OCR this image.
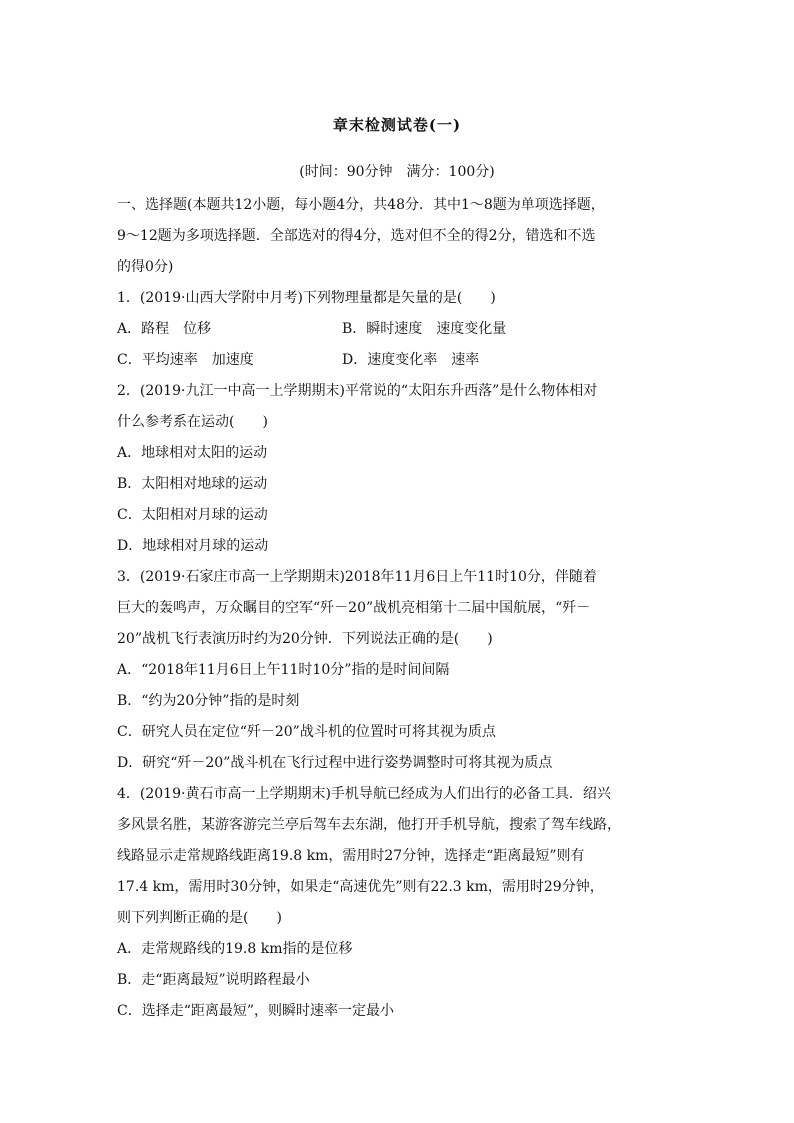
章末检测试卷(一)
(时间：90分钟　满分：100分)
一、选择题(本题共12小题，每小题4分，共48分．其中1～8题为单项选择题，
9～12题为多项选择题．全部选对的得4分，选对但不全的得2分，错选和不选
的得0分)
1．(2019·山西大学附中月考)下列物理量都是矢量的是(　　)
A．路程　位移	B．瞬时速度　速度变化量
C．平均速率　加速度	D．速度变化率　速率
2．(2019·九江一中高一上学期期末)平常说的“太阳东升西落”是什么物体相对
什么参考系在运动(　　)
A．地球相对太阳的运动
B．太阳相对地球的运动
C．太阳相对月球的运动
D．地球相对月球的运动
3．(2019·石家庄市高一上学期期末)2018年11月6日上午11时10分，伴随着
巨大的轰鸣声，万众瞩目的空军“歼－20”战机亮相第十二届中国航展，“歼－
20”战机飞行表演历时约为20分钟．下列说法正确的是(　　)
A．“2018年11月6日上午11时10分”指的是时间间隔
B．“约为20分钟”指的是时刻
C．研究人员在定位“歼－20”战斗机的位置时可将其视为质点
D．研究“歼－20”战斗机在飞行过程中进行姿势调整时可将其视为质点
4．(2019·黄石市高一上学期期末)手机导航已经成为人们出行的必备工具．绍兴
多风景名胜，某游客游完兰亭后驾车去东湖，他打开手机导航，搜索了驾车线路，
线路显示走常规路线距离19.8 km，需用时27分钟，选择走“距离最短”则有
17.4 km，需用时30分钟，如果走“高速优先”则有22.3 km，需用时29分钟，
则下列判断正确的是(　　)
A．走常规路线的19.8 km指的是位移
B．走“距离最短”说明路程最小
C．选择走“距离最短”，则瞬时速率一定最小
